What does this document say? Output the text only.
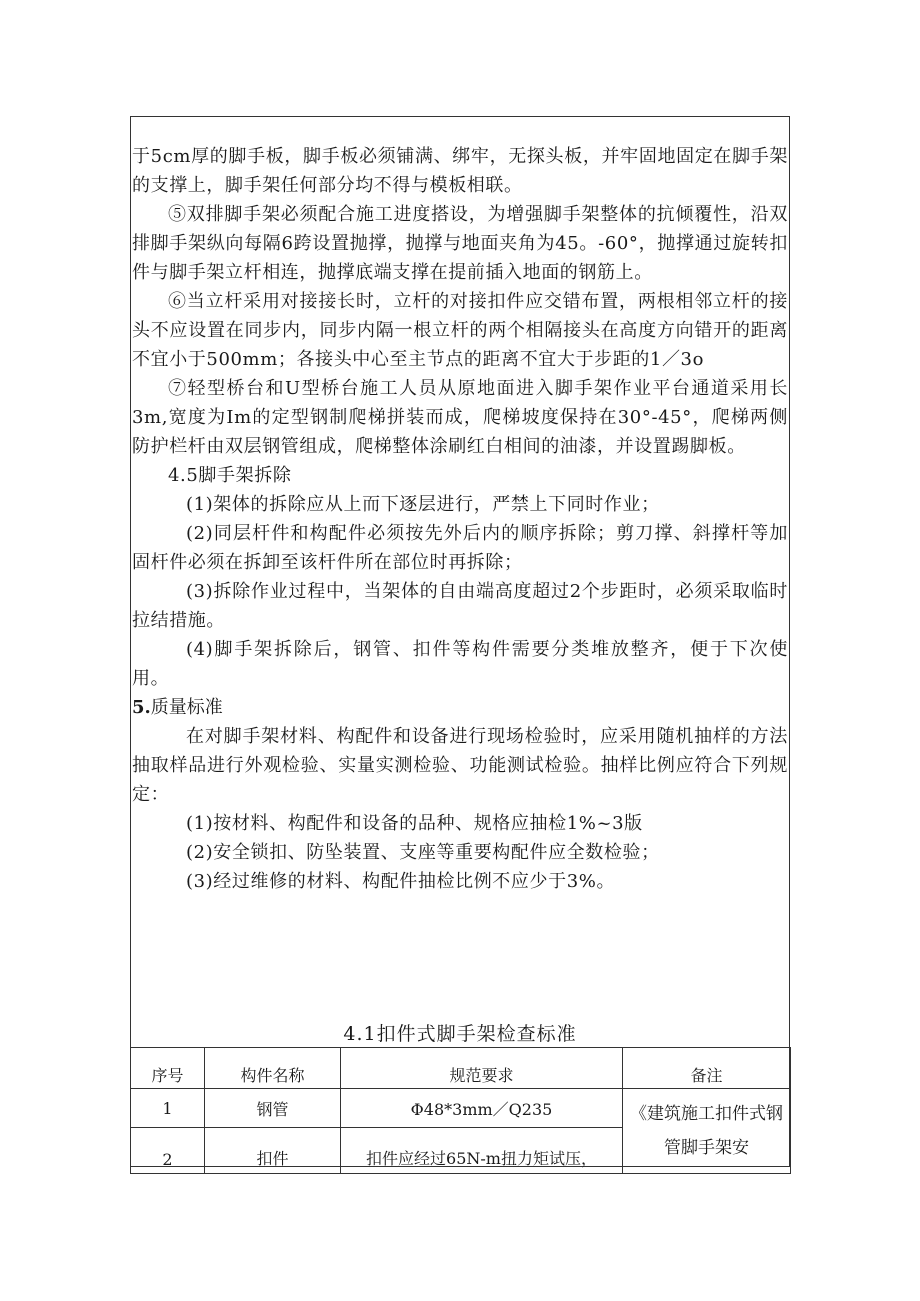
于5cm厚的脚手板，脚手板必须铺满、绑牢，无探头板，并牢固地固定在脚手架的支撑上，脚手架任何部分均不得与模板相联。

⑤双排脚手架必须配合施工进度搭设，为增强脚手架整体的抗倾覆性，沿双排脚手架纵向每隔6跨设置抛撑，抛撑与地面夹角为45。-60°，抛撑通过旋转扣件与脚手架立杆相连，抛撑底端支撑在提前插入地面的钢筋上。

⑥当立杆采用对接接长时，立杆的对接扣件应交错布置，两根相邻立杆的接头不应设置在同步内，同步内隔一根立杆的两个相隔接头在高度方向错开的距离不宜小于500mm；各接头中心至主节点的距离不宜大于步距的1／3o

⑦轻型桥台和U型桥台施工人员从原地面进入脚手架作业平台通道采用长3m,宽度为Im的定型钢制爬梯拼装而成，爬梯坡度保持在30°-45°，爬梯两侧防护栏杆由双层钢管组成，爬梯整体涂刷红白相间的油漆，并设置踢脚板。

4.5脚手架拆除

(1)架体的拆除应从上而下逐层进行，严禁上下同时作业；

(2)同层杆件和构配件必须按先外后内的顺序拆除；剪刀撑、斜撑杆等加固杆件必须在拆卸至该杆件所在部位时再拆除；

(3)拆除作业过程中，当架体的自由端高度超过2个步距时，必须采取临时拉结措施。

(4)脚手架拆除后，钢管、扣件等构件需要分类堆放整齐，便于下次使用。

5.质量标准

在对脚手架材料、构配件和设备进行现场检验时，应采用随机抽样的方法抽取样品进行外观检验、实量实测检验、功能测试检验。抽样比例应符合下列规定：

(1)按材料、构配件和设备的品种、规格应抽检1%~3版

(2)安全锁扣、防坠装置、支座等重要构配件应全数检验；

(3)经过维修的材料、构配件抽检比例不应少于3%。

4.1扣件式脚手架检查标准
序号	构件名称	规范要求	备注
1	钢管	Φ48*3mm／Q235	《建筑施工扣件式钢管脚手架安
2	扣件	扣件应经过65N-m扭力矩试压，	
